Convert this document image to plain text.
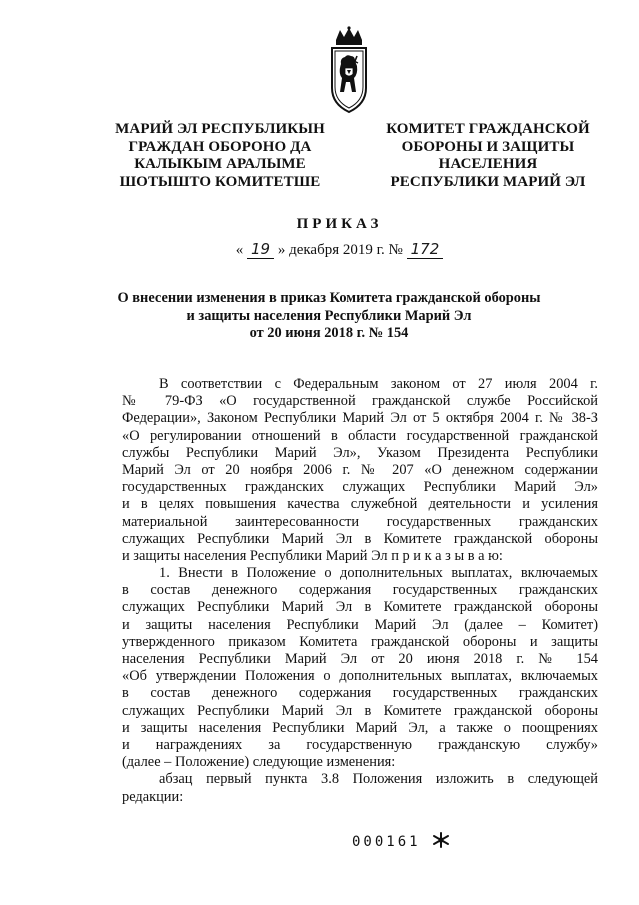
МАРИЙ ЭЛ РЕСПУБЛИКЫН
ГРАЖДАН ОБОРОНО ДА
КАЛЫКЫМ АРАЛЫМЕ
ШОТЫШТО КОМИТЕТШЕ
КОМИТЕТ ГРАЖДАНСКОЙ
ОБОРОНЫ И ЗАЩИТЫ
НАСЕЛЕНИЯ
РЕСПУБЛИКИ МАРИЙ ЭЛ
ПРИКАЗ
« 19 » декабря 2019 г. № 172
О внесении изменения в приказ Комитета гражданской обороны
и защиты населения Республики Марий Эл
от 20 июня 2018 г. № 154
В соответствии с Федеральным законом от 27 июля 2004 г.
№ 79-ФЗ «О государственной гражданской службе Российской
Федерации», Законом Республики Марий Эл от 5 октября 2004 г. № 38-З
«О регулировании отношений в области государственной гражданской
службы Республики Марий Эл», Указом Президента Республики
Марий Эл от 20 ноября 2006 г. № 207 «О денежном содержании
государственных гражданских служащих Республики Марий Эл»
и в целях повышения качества служебной деятельности и усиления
материальной заинтересованности государственных гражданских
служащих Республики Марий Эл в Комитете гражданской обороны
и защиты населения Республики Марий Эл п р и к а з ы в а ю:
1. Внести в Положение о дополнительных выплатах, включаемых
в состав денежного содержания государственных гражданских
служащих Республики Марий Эл в Комитете гражданской обороны
и защиты населения Республики Марий Эл (далее – Комитет)
утвержденного приказом Комитета гражданской обороны и защиты
населения Республики Марий Эл от 20 июня 2018 г. № 154
«Об утверждении Положения о дополнительных выплатах, включаемых
в состав денежного содержания государственных гражданских
служащих Республики Марий Эл в Комитете гражданской обороны
и защиты населения Республики Марий Эл, а также о поощрениях
и награждениях за государственную гражданскую службу»
(далее – Положение) следующие изменения:
абзац первый пункта 3.8 Положения изложить в следующей
редакции:
000161
